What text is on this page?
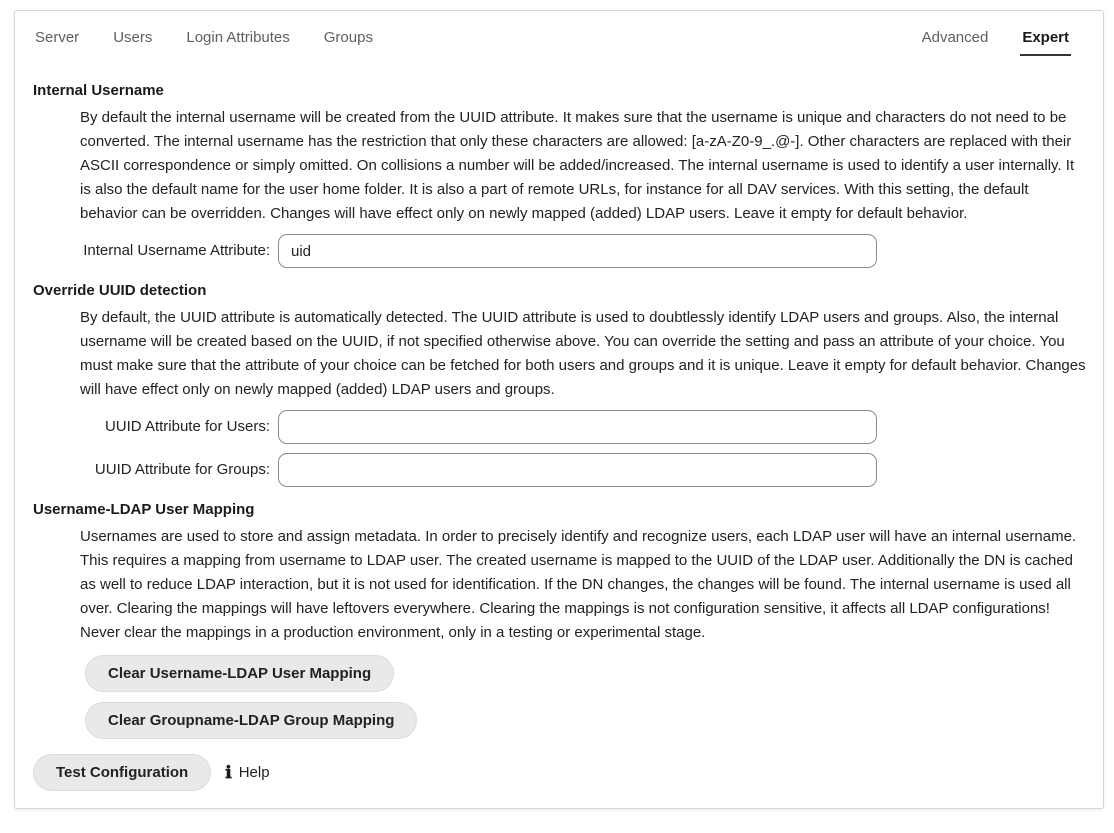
Server Users Login Attributes Groups	Advanced Expert
Internal Username
By default the internal username will be created from the UUID attribute. It makes sure that the username is unique and characters do not need to be converted. The internal username has the restriction that only these characters are allowed: [a-zA-Z0-9_.@-]. Other characters are replaced with their ASCII correspondence or simply omitted. On collisions a number will be added/increased. The internal username is used to identify a user internally. It is also the default name for the user home folder. It is also a part of remote URLs, for instance for all DAV services. With this setting, the default behavior can be overridden. Changes will have effect only on newly mapped (added) LDAP users. Leave it empty for default behavior.
Internal Username Attribute:
uid
Override UUID detection
By default, the UUID attribute is automatically detected. The UUID attribute is used to doubtlessly identify LDAP users and groups. Also, the internal username will be created based on the UUID, if not specified otherwise above. You can override the setting and pass an attribute of your choice. You must make sure that the attribute of your choice can be fetched for both users and groups and it is unique. Leave it empty for default behavior. Changes will have effect only on newly mapped (added) LDAP users and groups.
UUID Attribute for Users:
UUID Attribute for Groups:
Username-LDAP User Mapping
Usernames are used to store and assign metadata. In order to precisely identify and recognize users, each LDAP user will have an internal username. This requires a mapping from username to LDAP user. The created username is mapped to the UUID of the LDAP user. Additionally the DN is cached as well to reduce LDAP interaction, but it is not used for identification. If the DN changes, the changes will be found. The internal username is used all over. Clearing the mappings will have leftovers everywhere. Clearing the mappings is not configuration sensitive, it affects all LDAP configurations! Never clear the mappings in a production environment, only in a testing or experimental stage.
Clear Username-LDAP User Mapping
Clear Groupname-LDAP Group Mapping
Test Configuration	ℹ Help
